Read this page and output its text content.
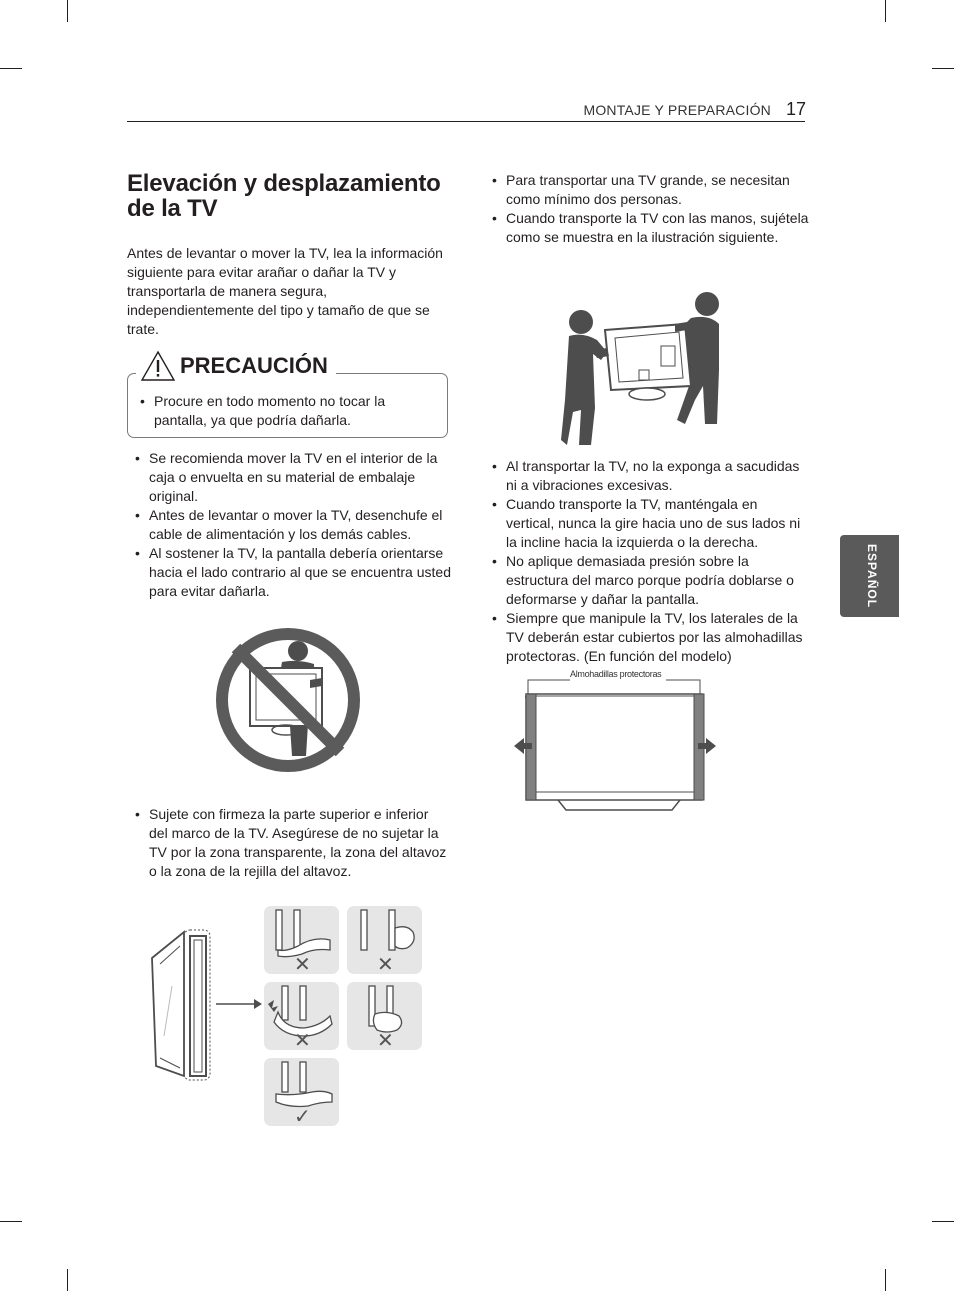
MONTAJE Y PREPARACIÓN 17
ESPAÑOL
Elevación y desplazamiento de la TV

Antes de levantar o mover la TV, lea la información siguiente para evitar arañar o dañar la TV y transportarla de manera segura, independientemente del tipo y tamaño de que se trate.

PRECAUCIÓN
• Procure en todo momento no tocar la pantalla, ya que podría dañarla.
• Se recomienda mover la TV en el interior de la caja o envuelta en su material de embalaje original.
• Antes de levantar o mover la TV, desenchufe el cable de alimentación y los demás cables.
• Al sostener la TV, la pantalla debería orientarse hacia el lado contrario al que se encuentra usted para evitar dañarla.
• Sujete con firmeza la parte superior e inferior del marco de la TV. Asegúrese de no sujetar la TV por la zona transparente, la zona del altavoz o la zona de la rejilla del altavoz.
✕	✕
✕	✕
✓
• Para transportar una TV grande, se necesitan como mínimo dos personas.
• Cuando transporte la TV con las manos, sujétela como se muestra en la ilustración siguiente.
• Al transportar la TV, no la exponga a sacudidas ni a vibraciones excesivas.
• Cuando transporte la TV, manténgala en vertical, nunca la gire hacia uno de sus lados ni la incline hacia la izquierda o la derecha.
• No aplique demasiada presión sobre la estructura del marco porque podría doblarse o deformarse y dañar la pantalla.
• Siempre que manipule la TV, los laterales de la TV deberán estar cubiertos por las almohadillas protectoras. (En función del modelo)
Almohadillas protectoras
